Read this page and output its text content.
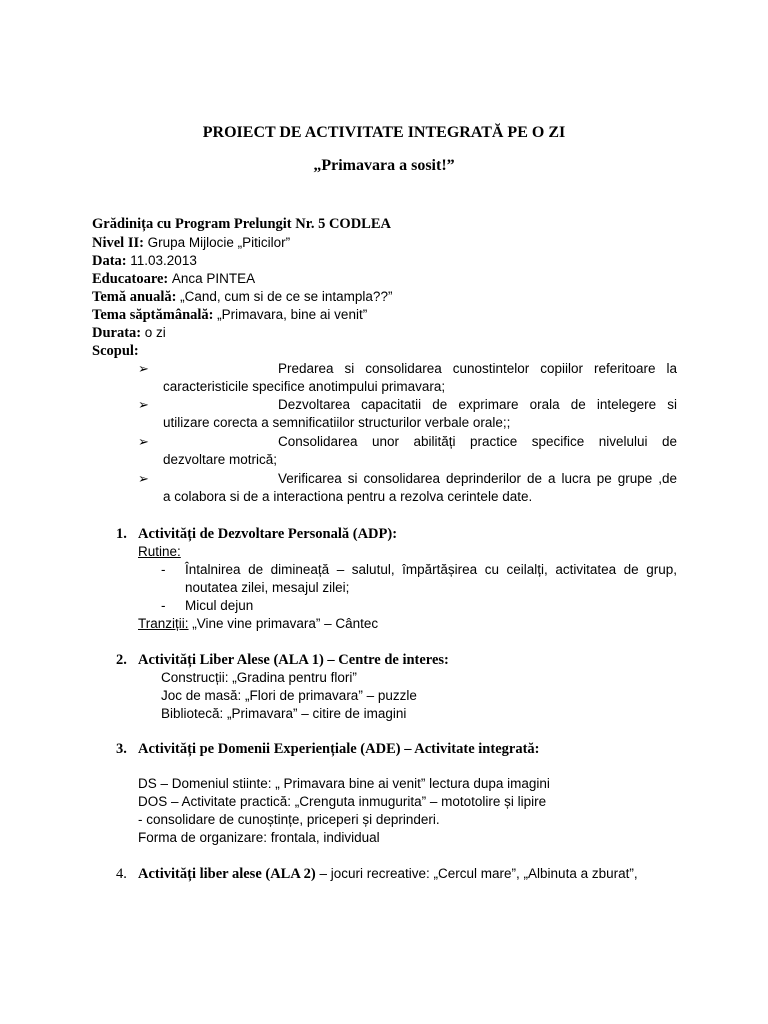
PROIECT DE ACTIVITATE INTEGRATĂ PE O ZI
„Primavara a sosit!”
Grădinița cu Program Prelungit Nr. 5 CODLEA
Nivel II: Grupa Mijlocie „Piticilor”
Data: 11.03.2013
Educatoare: Anca PINTEA
Temă anuală: „Cand, cum si de ce se intampla??”
Tema săptămânală: „Primavara, bine ai venit”
Durata: o zi
Scopul:
➢	Predarea si consolidarea cunostintelor copiilor referitoare la
caracteristicile specifice anotimpului primavara;
➢	Dezvoltarea capacitatii de exprimare orala de intelegere si
utilizare corecta a semnificatiilor structurilor verbale orale;;
➢	Consolidarea unor abilități practice specifice nivelului de
dezvoltare motrică;
➢	Verificarea si consolidarea deprinderilor de a lucra pe grupe ,de
a colabora si de a interactiona pentru a rezolva cerintele date.
1. Activități de Dezvoltare Personală (ADP):
Rutine:
- Întalnirea de dimineață – salutul, împărtășirea cu ceilalți, activitatea de grup,
noutatea zilei, mesajul zilei;
- Micul dejun
Tranziții: „Vine vine primavara” – Cântec
2. Activități Liber Alese (ALA 1) – Centre de interes:
Construcții: „Gradina pentru flori”
Joc de masă: „Flori de primavara” – puzzle
Bibliotecă: „Primavara” – citire de imagini
3. Activități pe Domenii Experiențiale (ADE) – Activitate integrată:
DS – Domeniul stiinte: „ Primavara bine ai venit” lectura dupa imagini
DOS – Activitate practică: „Crenguta inmugurita” – mototolire și lipire
- consolidare de cunoștințe, priceperi și deprinderi.
Forma de organizare: frontala, individual
4. Activități liber alese (ALA 2) – jocuri recreative: „Cercul mare”, „Albinuta a zburat”,
